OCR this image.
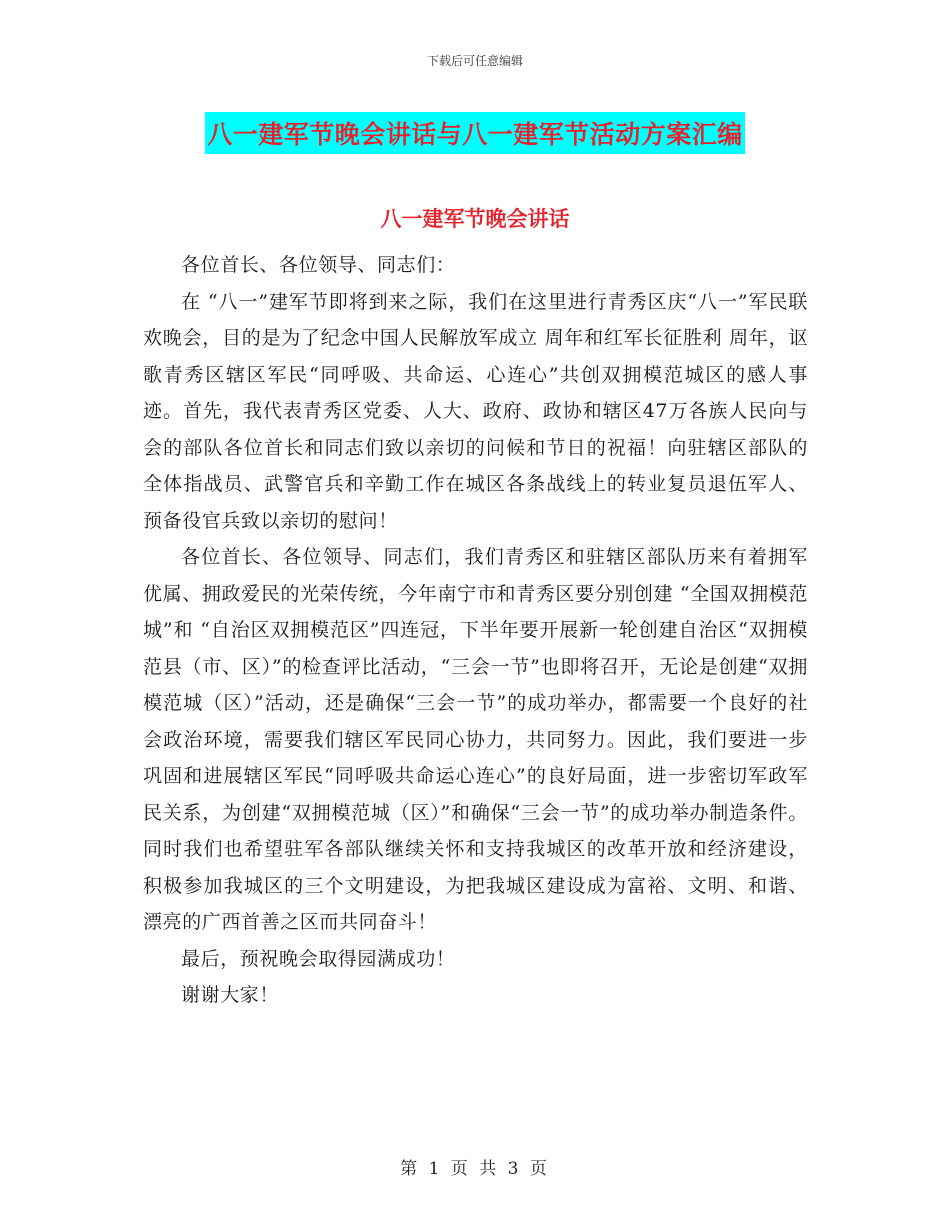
下载后可任意编辑
八一建军节晚会讲话与八一建军节活动方案汇编
八一建军节晚会讲话

各位首长、各位领导、同志们：

在 “八一”建军节即将到来之际，我们在这里进行青秀区庆“八一”军民联欢晚会，目的是为了纪念中国人民解放军成立 周年和红军长征胜利 周年，讴歌青秀区辖区军民“同呼吸、共命运、心连心”共创双拥模范城区的感人事迹。首先，我代表青秀区党委、人大、政府、政协和辖区47万各族人民向与会的部队各位首长和同志们致以亲切的问候和节日的祝福！向驻辖区部队的全体指战员、武警官兵和辛勤工作在城区各条战线上的转业复员退伍军人、预备役官兵致以亲切的慰问！

各位首长、各位领导、同志们，我们青秀区和驻辖区部队历来有着拥军优属、拥政爱民的光荣传统，今年南宁市和青秀区要分别创建 “全国双拥模范城”和 “自治区双拥模范区”四连冠，下半年要开展新一轮创建自治区“双拥模范县（市、区）”的检查评比活动，“三会一节”也即将召开，无论是创建“双拥模范城（区）”活动，还是确保“三会一节”的成功举办，都需要一个良好的社会政治环境，需要我们辖区军民同心协力，共同努力。因此，我们要进一步巩固和进展辖区军民“同呼吸共命运心连心”的良好局面，进一步密切军政军民关系，为创建“双拥模范城（区）”和确保“三会一节”的成功举办制造条件。同时我们也希望驻军各部队继续关怀和支持我城区的改革开放和经济建设，积极参加我城区的三个文明建设，为把我城区建设成为富裕、文明、和谐、漂亮的广西首善之区而共同奋斗！

最后，预祝晚会取得园满成功！

谢谢大家！

第 1 页 共 3 页
